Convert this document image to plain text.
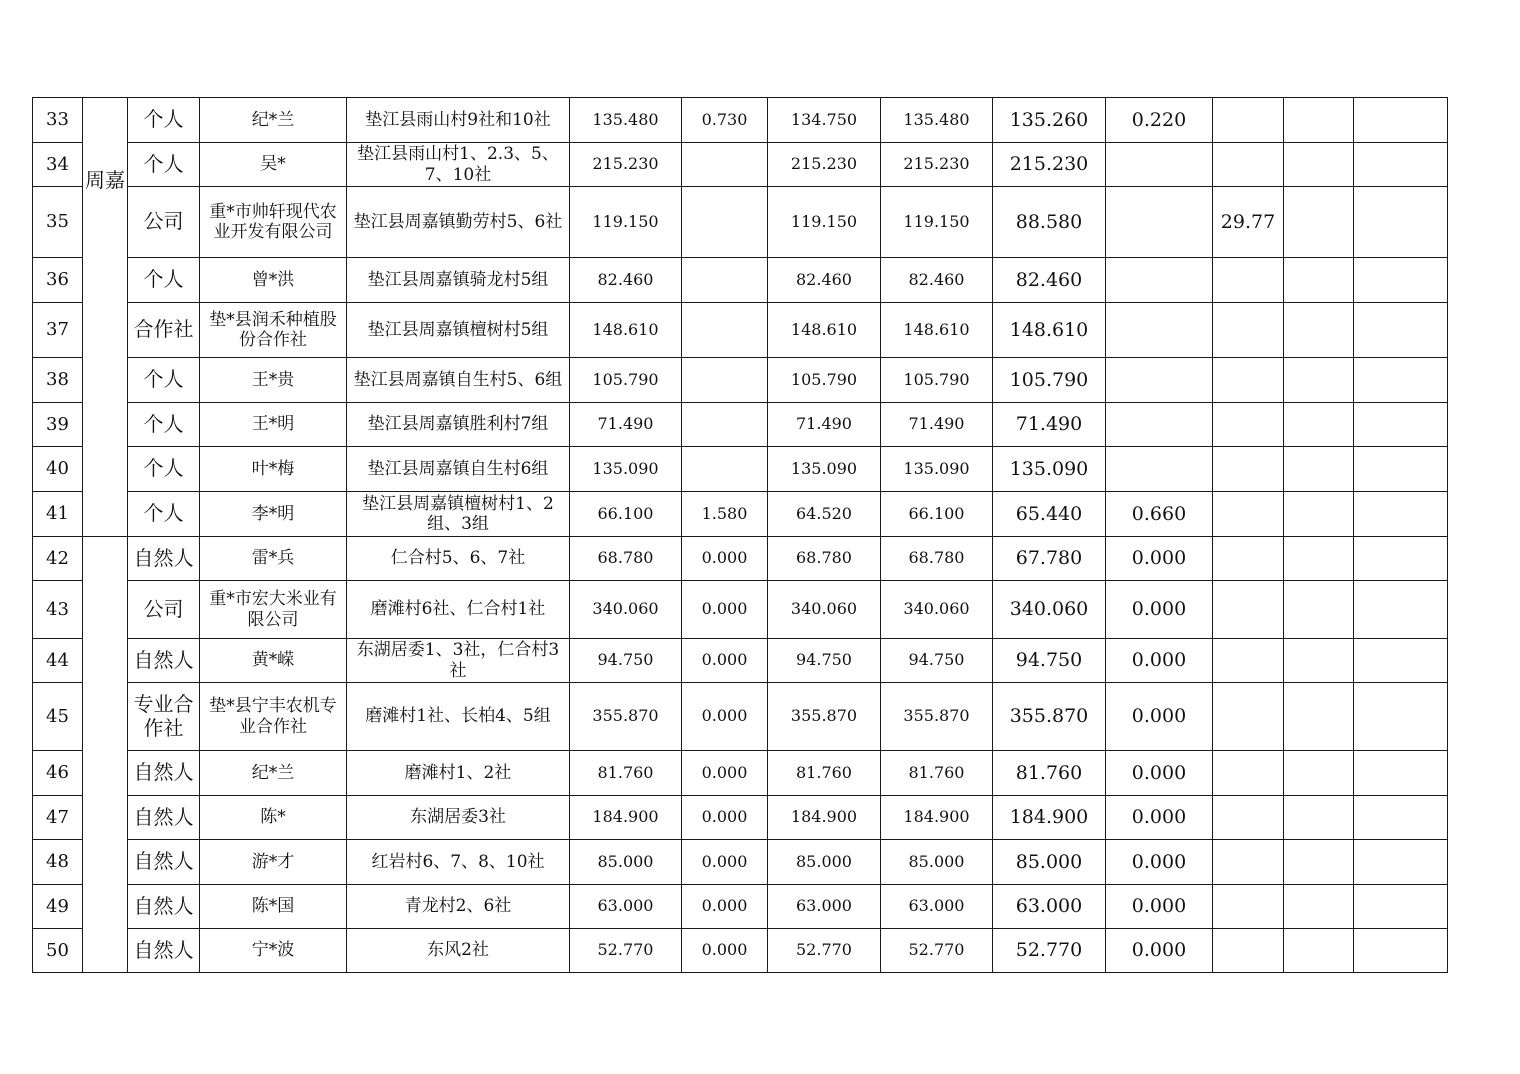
33	周嘉	个人	纪*兰	垫江县雨山村9社和10社	135.480	0.730	134.750	135.480	135.260	0.220			
34		个人	吴*	垫江县雨山村1、2.3、5、7、10社	215.230		215.230	215.230	215.230				
35		公司	重*市帅轩现代农业开发有限公司	垫江县周嘉镇勤劳村5、6社	119.150		119.150	119.150	88.580		29.77		
36		个人	曾*洪	垫江县周嘉镇骑龙村5组	82.460		82.460	82.460	82.460				
37		合作社	垫*县润禾种植股份合作社	垫江县周嘉镇檀树村5组	148.610		148.610	148.610	148.610				
38		个人	王*贵	垫江县周嘉镇自生村5、6组	105.790		105.790	105.790	105.790				
39		个人	王*明	垫江县周嘉镇胜利村7组	71.490		71.490	71.490	71.490				
40		个人	叶*梅	垫江县周嘉镇自生村6组	135.090		135.090	135.090	135.090				
41		个人	李*明	垫江县周嘉镇檀树村1、2组、3组	66.100	1.580	64.520	66.100	65.440	0.660			
42		自然人	雷*兵	仁合村5、6、7社	68.780	0.000	68.780	68.780	67.780	0.000			
43		公司	重*市宏大米业有限公司	磨滩村6社、仁合村1社	340.060	0.000	340.060	340.060	340.060	0.000			
44		自然人	黄*嵘	东湖居委1、3社，仁合村3社	94.750	0.000	94.750	94.750	94.750	0.000			
45		专业合作社	垫*县宁丰农机专业合作社	磨滩村1社、长柏4、5组	355.870	0.000	355.870	355.870	355.870	0.000			
46		自然人	纪*兰	磨滩村1、2社	81.760	0.000	81.760	81.760	81.760	0.000			
47		自然人	陈*	东湖居委3社	184.900	0.000	184.900	184.900	184.900	0.000			
48		自然人	游*才	红岩村6、7、8、10社	85.000	0.000	85.000	85.000	85.000	0.000			
49		自然人	陈*国	青龙村2、6社	63.000	0.000	63.000	63.000	63.000	0.000			
50		自然人	宁*波	东风2社	52.770	0.000	52.770	52.770	52.770	0.000			
